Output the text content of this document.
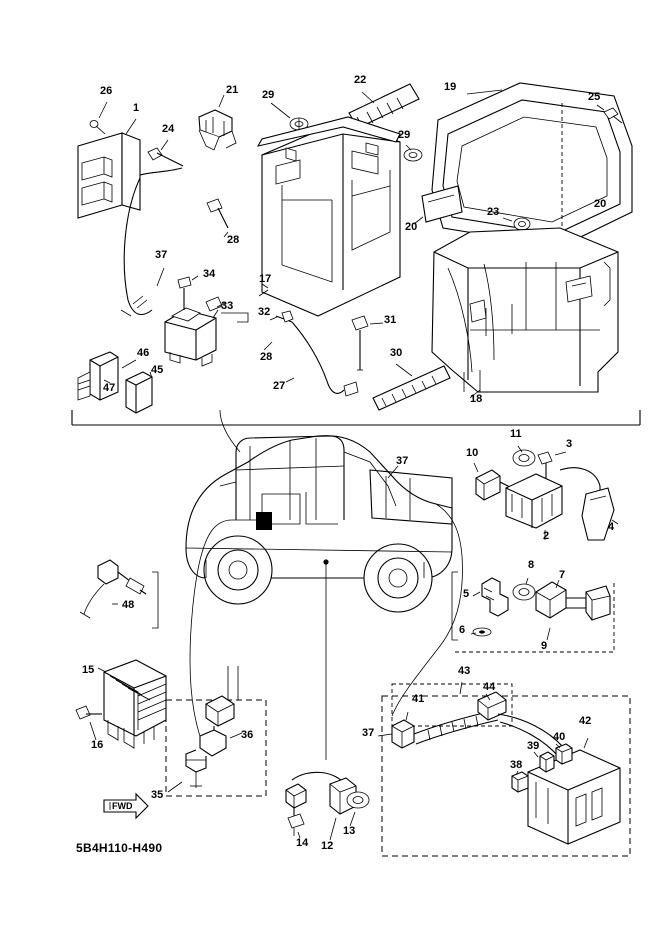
26
1
21 29
22
19
25
24	29
23
20
28
20
37
34	17
33 32
31
46
47
45
28
27
30
18
11
3
10
37
2
4
8
7
5
6
9
48
15
16
36
35
43
41
44
42
37
39
40
38
14 12
13
FWD
5B4H110-H490
